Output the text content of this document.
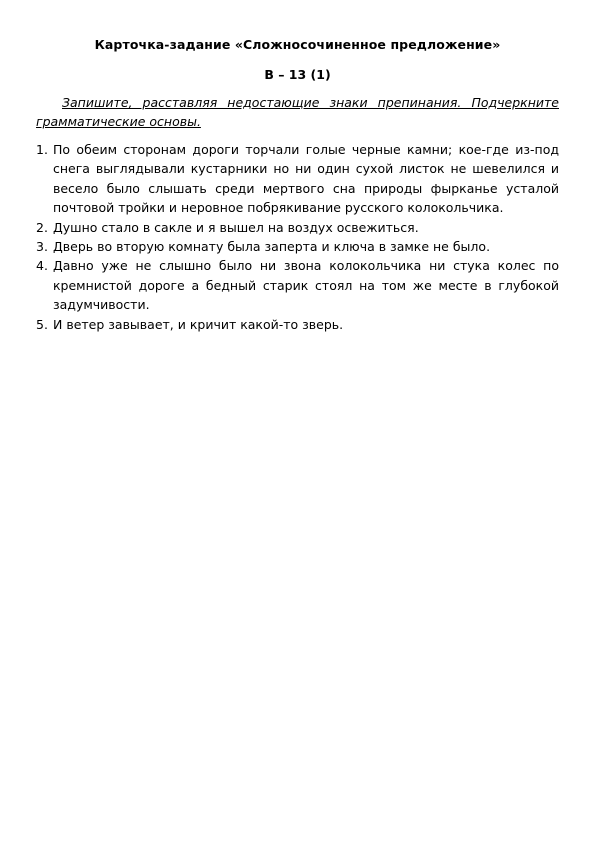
Карточка-задание «Сложносочиненное предложение»
В – 13 (1)

Запишите, расставляя недостающие знаки препинания. Подчеркните грамматические основы.

1. По обеим сторонам дороги торчали голые черные камни; кое-где из-под снега выглядывали кустарники но ни один сухой листок не шевелился и весело было слышать среди мертвого сна природы фырканье усталой почтовой тройки и неровное побрякивание русского колокольчика.
2. Душно стало в сакле и я вышел на воздух освежиться.
3. Дверь во вторую комнату была заперта и ключа в замке не было.
4. Давно уже не слышно было ни звона колокольчика ни стука колес по кремнистой дороге а бедный старик стоял на том же месте в глубокой задумчивости.
5. И ветер завывает, и кричит какой-то зверь.
